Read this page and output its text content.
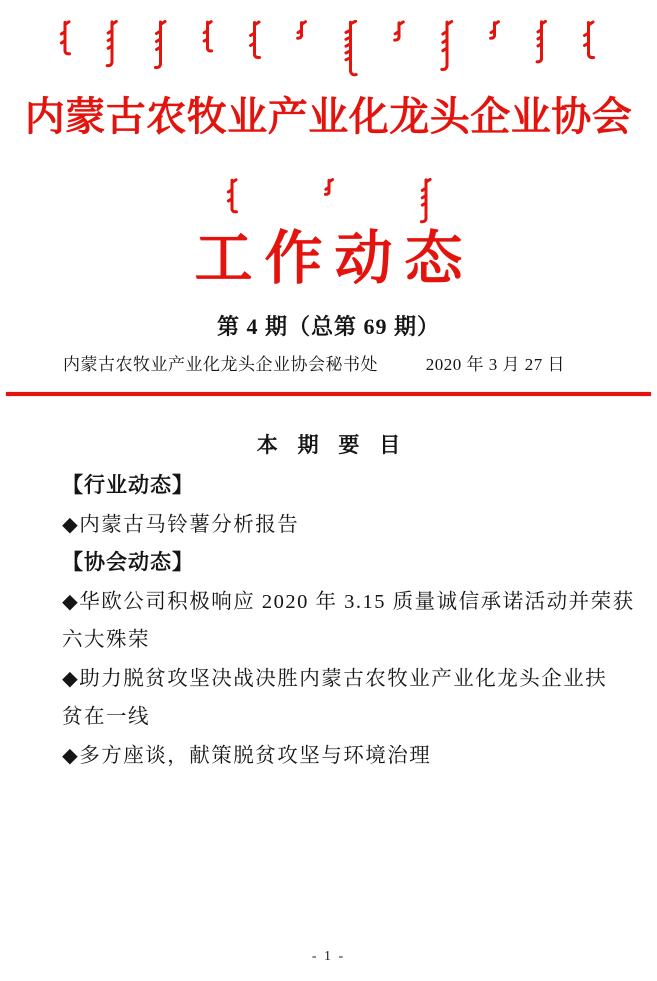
内蒙古农牧业产业化龙头企业协会
工作动态
第 4 期（总第 69 期）
内蒙古农牧业产业化龙头企业协会秘书处	2020 年 3 月 27 日
本 期 要 目
【行业动态】
◆内蒙古马铃薯分析报告
【协会动态】
◆华欧公司积极响应 2020 年 3.15 质量诚信承诺活动并荣获
六大殊荣
◆助力脱贫攻坚决战决胜内蒙古农牧业产业化龙头企业扶
贫在一线
◆多方座谈，献策脱贫攻坚与环境治理
- 1 -
